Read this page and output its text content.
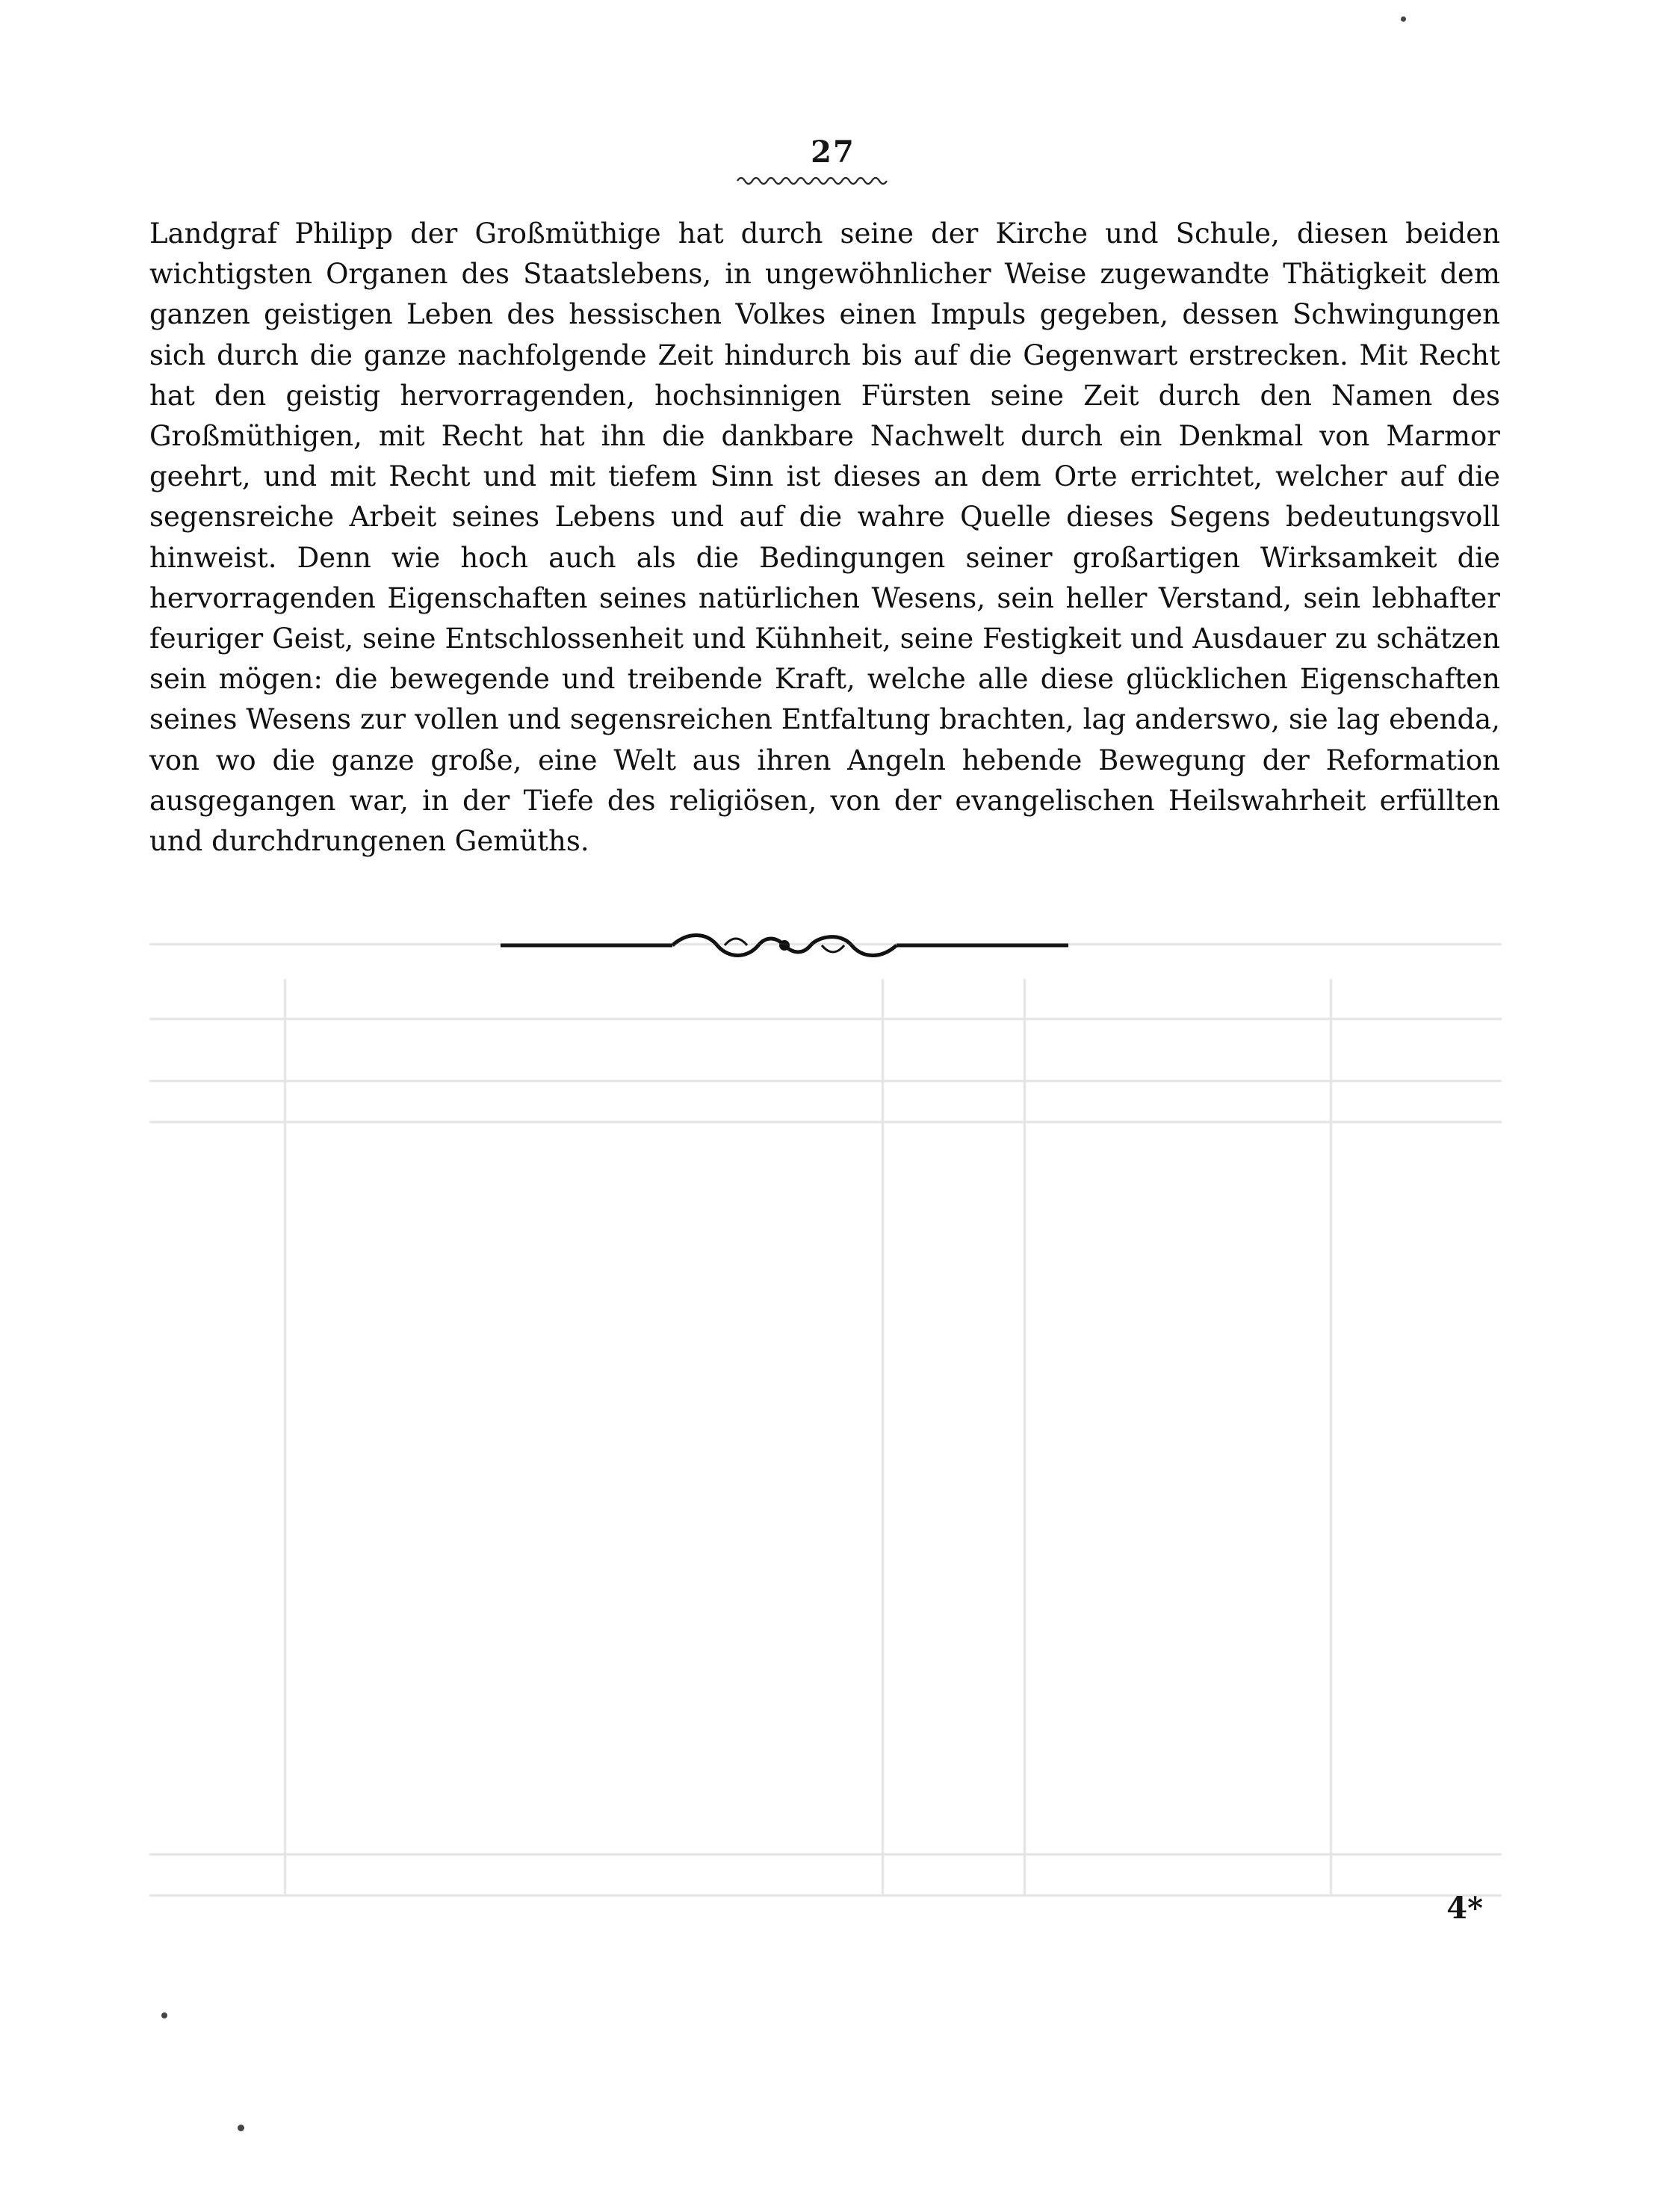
27

Landgraf Philipp der Großmüthige hat durch seine der Kirche und Schule, diesen beiden wichtigsten Organen des Staatslebens, in ungewöhnlicher Weise zugewandte Thätigkeit dem ganzen geistigen Leben des hessischen Volkes einen Impuls gegeben, dessen Schwingungen sich durch die ganze nachfolgende Zeit hindurch bis auf die Gegenwart erstrecken. Mit Recht hat den geistig hervorragenden, hochsinnigen Fürsten seine Zeit durch den Namen des Großmüthigen, mit Recht hat ihn die dankbare Nachwelt durch ein Denkmal von Marmor geehrt, und mit Recht und mit tiefem Sinn ist dieses an dem Orte errichtet, welcher auf die segensreiche Arbeit seines Lebens und auf die wahre Quelle dieses Segens bedeutungsvoll hinweist. Denn wie hoch auch als die Bedingungen seiner großartigen Wirksamkeit die hervorragenden Eigenschaften seines natürlichen Wesens, sein heller Verstand, sein lebhafter feuriger Geist, seine Entschlossenheit und Kühnheit, seine Festigkeit und Ausdauer zu schätzen sein mögen: die bewegende und treibende Kraft, welche alle diese glücklichen Eigenschaften seines Wesens zur vollen und segensreichen Entfaltung brachten, lag anderswo, sie lag ebenda, von wo die ganze große, eine Welt aus ihren Angeln hebende Bewegung der Reformation ausgegangen war, in der Tiefe des religiösen, von der evangelischen Heilswahrheit erfüllten und durchdrungenen Gemüths.

4*
